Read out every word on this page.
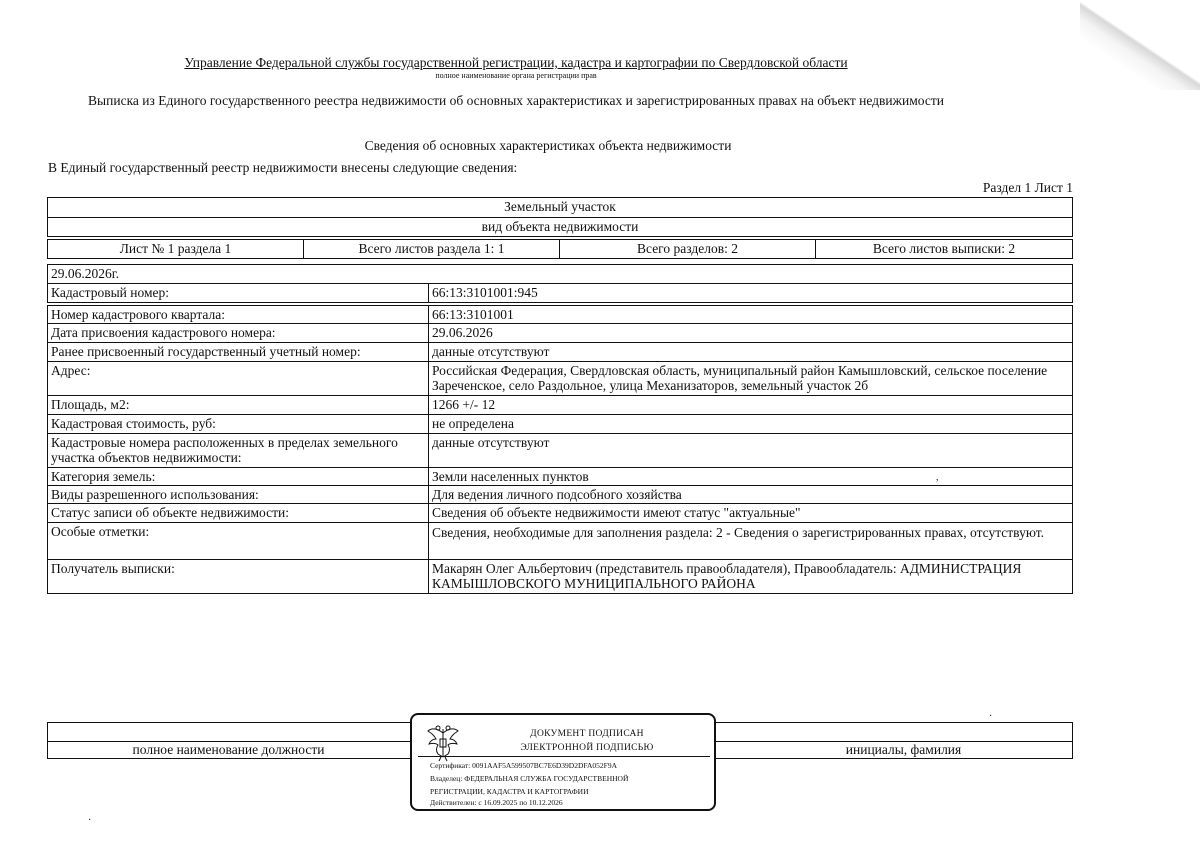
Управление Федеральной службы государственной регистрации, кадастра и картографии по Свердловской области
полное наименование органа регистрации прав
Выписка из Единого государственного реестра недвижимости об основных характеристиках и зарегистрированных правах на объект недвижимости
Сведения об основных характеристиках объекта недвижимости
В Единый государственный реестр недвижимости внесены следующие сведения:
Раздел 1 Лист 1
Земельный участок
вид объекта недвижимости
Лист № 1 раздела 1	Всего листов раздела 1: 1	Всего разделов: 2	Всего листов выписки: 2
29.06.2026г.
Кадастровый номер:	66:13:3101001:945
Номер кадастрового квартала:	66:13:3101001
Дата присвоения кадастрового номера:	29.06.2026
Ранее присвоенный государственный учетный номер:	данные отсутствуют
Адрес:	Российская Федерация, Свердловская область, муниципальный район Камышловский, сельское поселение Зареченское, село Раздольное, улица Механизаторов, земельный участок 2б
Площадь, м2:	1266 +/- 12
Кадастровая стоимость, руб:	не определена
Кадастровые номера расположенных в пределах земельного участка объектов недвижимости:
данные отсутствуют
Категория земель:	Земли населенных пунктов
Виды разрешенного использования:	Для ведения личного подсобного хозяйства
Статус записи об объекте недвижимости:	Сведения об объекте недвижимости имеют статус "актуальные"
Особые отметки:	Сведения, необходимые для заполнения раздела: 2 - Сведения о зарегистрированных правах, отсутствуют.
Получатель выписки:	Макарян Олег Альбертович (представитель правообладателя), Правообладатель: АДМИНИСТРАЦИЯ КАМЫШЛОВСКОГО МУНИЦИПАЛЬНОГО РАЙОНА
,
·
·
полное наименование должности	инициалы, фамилия
ДОКУМЕНТ ПОДПИСАН
ЭЛЕКТРОННОЙ ПОДПИСЬЮ
Сертификат: 0091AAF5A599507BC7E6D39D2DFA052F9A
Владелец: ФЕДЕРАЛЬНАЯ СЛУЖБА ГОСУДАРСТВЕННОЙ
РЕГИСТРАЦИИ, КАДАСТРА И КАРТОГРАФИИ
Действителен: с 16.09.2025 по 10.12.2026
